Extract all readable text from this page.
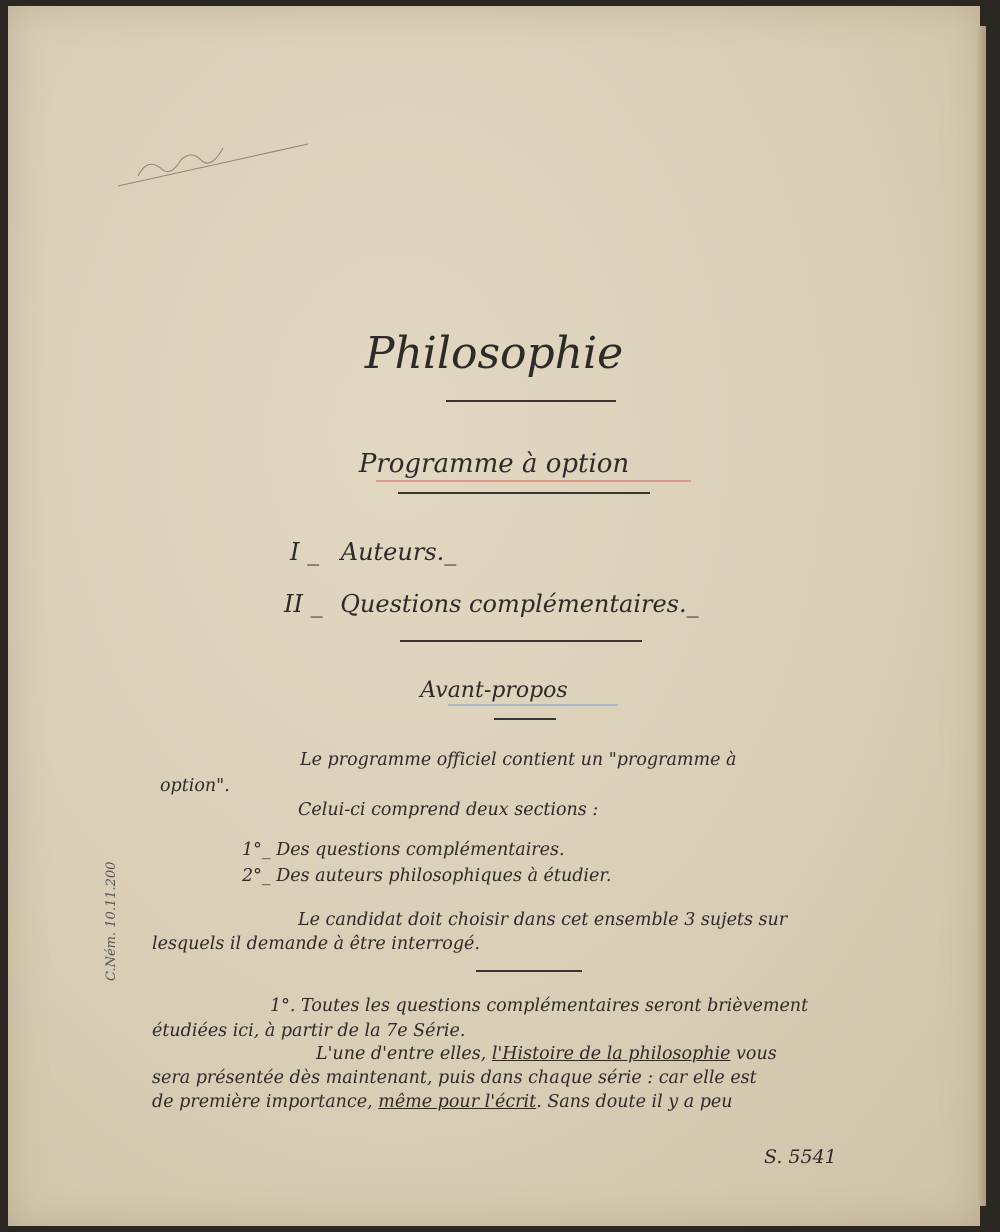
Philosophie
Programme à option
I _ Auteurs._
II _ Questions complémentaires._
Avant-propos
Le programme officiel contient un "programme à
option".
Celui-ci comprend deux sections :
1°_ Des questions complémentaires.
2°_ Des auteurs philosophiques à étudier.
Le candidat doit choisir dans cet ensemble 3 sujets sur
lesquels il demande à être interrogé.
1°. Toutes les questions complémentaires seront brièvement
étudiées ici, à partir de la 7e Série.
L'une d'entre elles, l'Histoire de la philosophie vous
sera présentée dès maintenant, puis dans chaque série : car elle est
de première importance, même pour l'écrit. Sans doute il y a peu
C.Ném. 10.11.200
S. 5541
